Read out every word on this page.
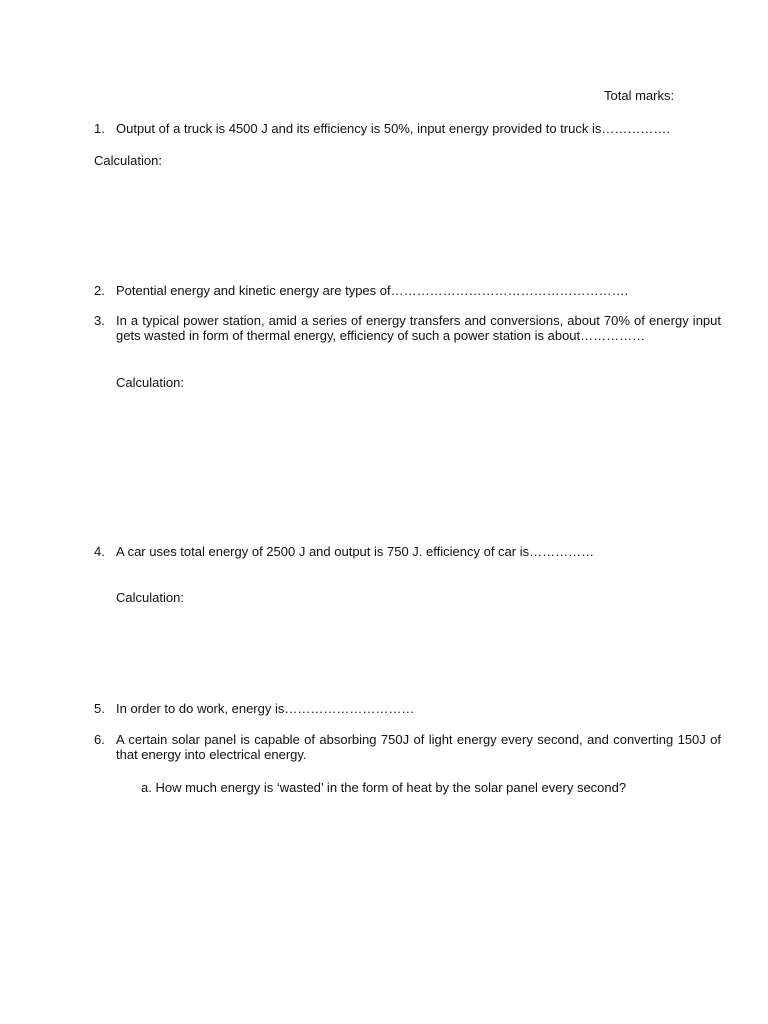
Total marks:
1. Output of a truck is 4500 J and its efficiency is 50%, input energy provided to truck is…………….
Calculation:
2. Potential energy and kinetic energy are types of……………………………………………….
3. In a typical power station, amid a series of energy transfers and conversions, about 70% of energy input gets wasted in form of thermal energy, efficiency of such a power station is about……………
Calculation:
4. A car uses total energy of 2500 J and output is 750 J. efficiency of car is……………
Calculation:
5. In order to do work, energy is…………………………
6. A certain solar panel is capable of absorbing 750J of light energy every second, and converting 150J of that energy into electrical energy.
a. How much energy is ‘wasted’ in the form of heat by the solar panel every second?
